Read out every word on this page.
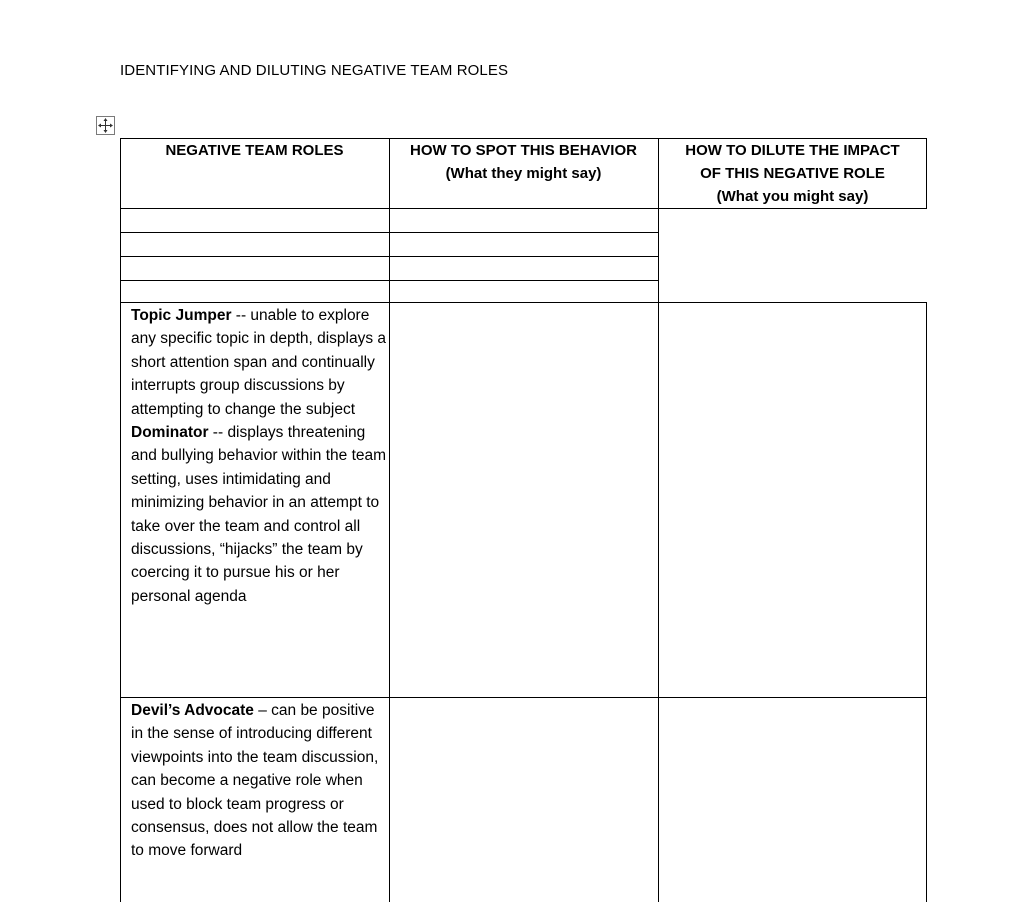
IDENTIFYING AND DILUTING NEGATIVE TEAM ROLES
NEGATIVE TEAM ROLES	HOW TO SPOT THIS BEHAVIOR
(What they might say)
HOW TO DILUTE THE IMPACT
OF THIS NEGATIVE ROLE
(What you might say)
Topic Jumper -- unable to explore any specific topic in depth, displays a short attention span and continually interrupts group discussions by attempting to change the subject
Dominator -- displays threatening and bullying behavior within the team setting, uses intimidating and minimizing behavior in an attempt to take over the team and control all discussions, “hijacks” the team by coercing it to pursue his or her personal agenda
Devil’s Advocate – can be positive in the sense of introducing different viewpoints into the team discussion, can become a negative role when used to block team progress or consensus, does not allow the team to move forward
